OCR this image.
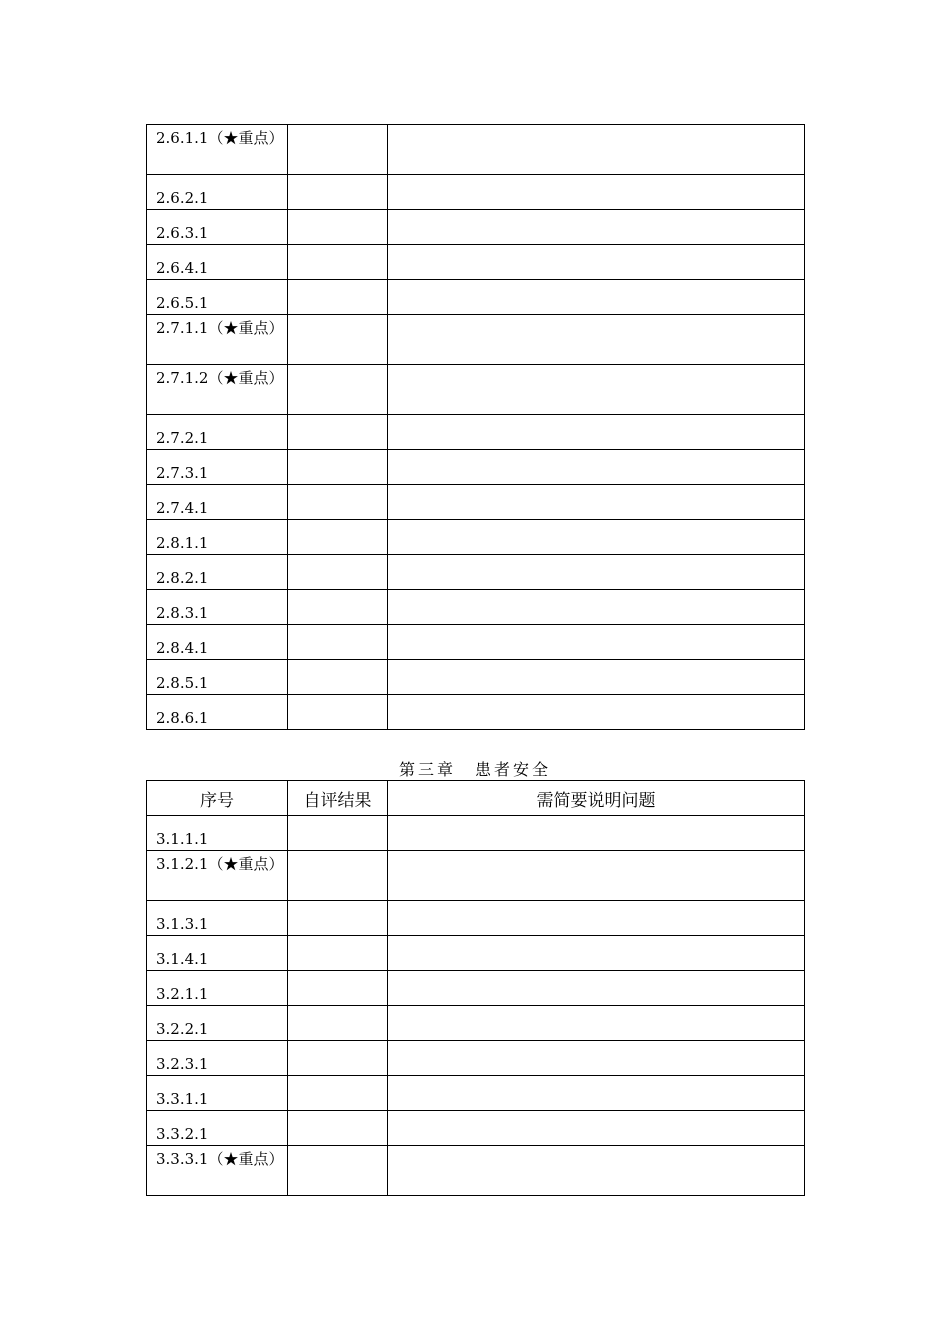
2.6.1.1（★重点）		
2.6.2.1		
2.6.3.1		
2.6.4.1		
2.6.5.1		
2.7.1.1（★重点）		
2.7.1.2（★重点）		
2.7.2.1		
2.7.3.1		
2.7.4.1		
2.8.1.1		
2.8.2.1		
2.8.3.1		
2.8.4.1		
2.8.5.1		
2.8.6.1		
第三章　患者安全
序号	自评结果	需简要说明问题
3.1.1.1		
3.1.2.1（★重点）		
3.1.3.1		
3.1.4.1		
3.2.1.1		
3.2.2.1		
3.2.3.1		
3.3.1.1		
3.3.2.1		
3.3.3.1（★重点）		
